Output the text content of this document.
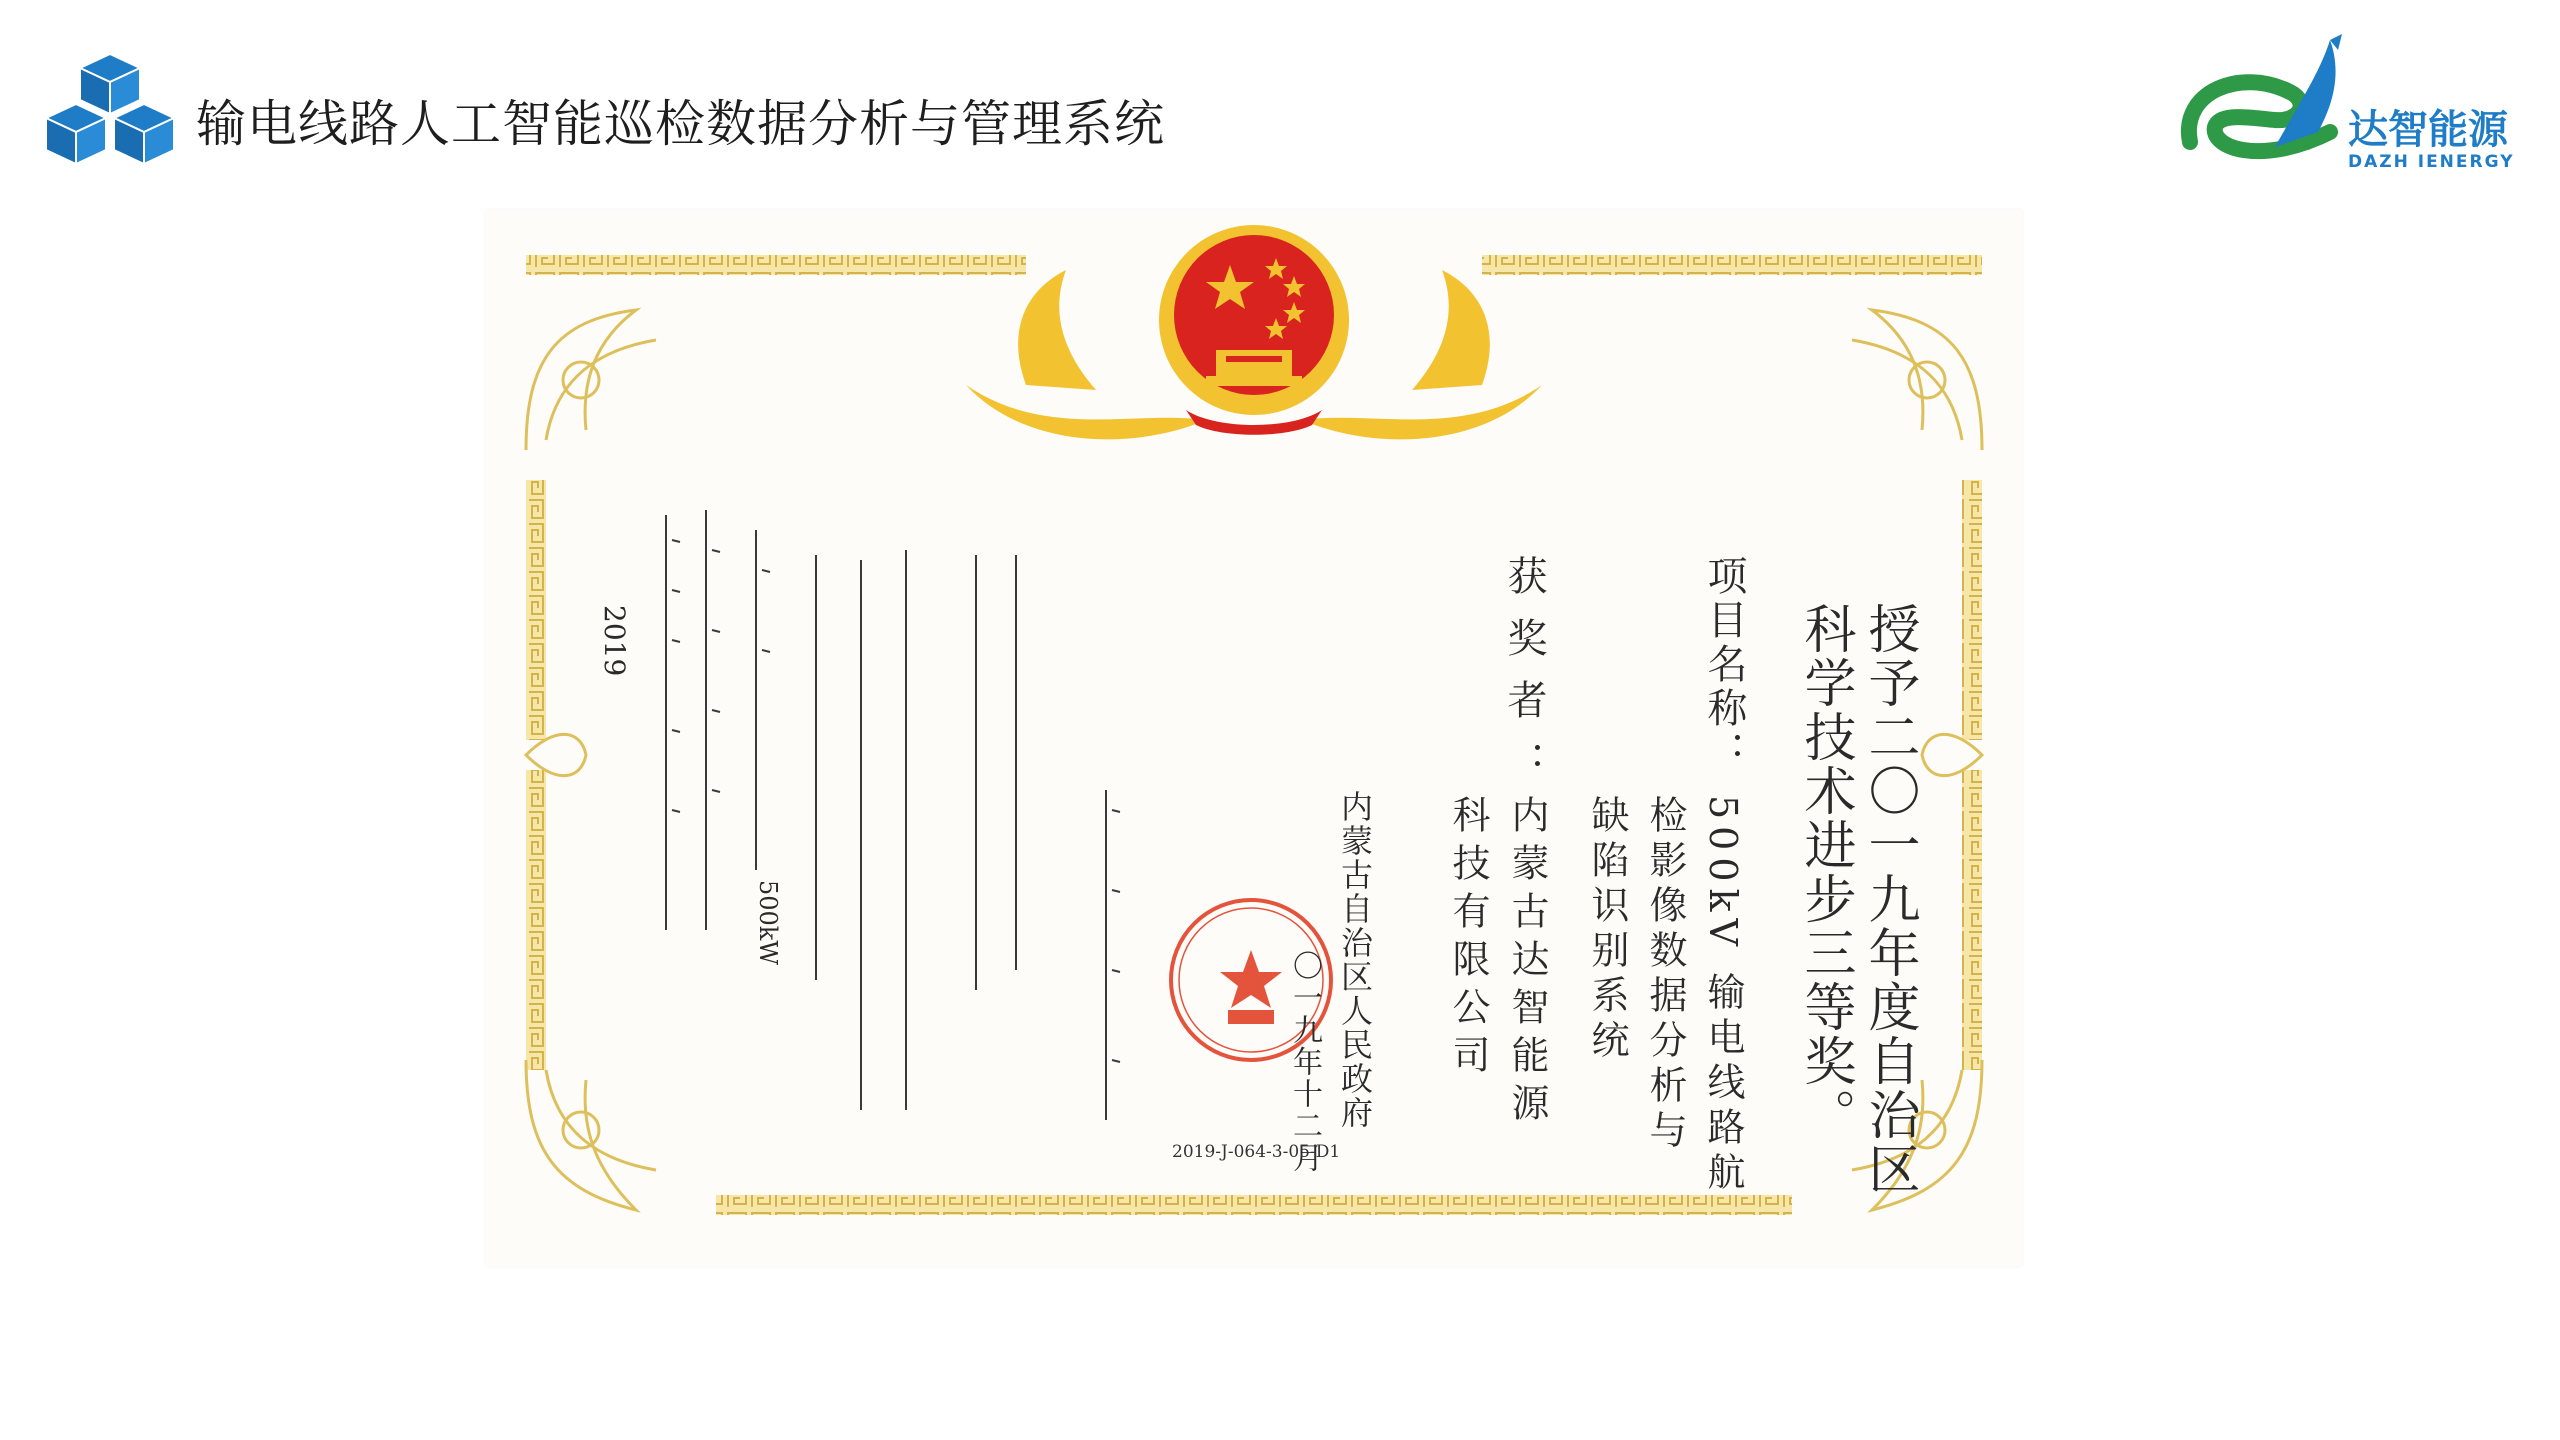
输电线路人工智能巡检数据分析与管理系统	达智能源
DAZH IENERGY
授予二〇一九年度自治区
科学技术进步三等奖。
项目名称：
500kV 输电线路航
检影像数据分析与
缺陷识别系统
获奖者：
内蒙古达智能源
科技有限公司
内蒙古自治区人民政府
〇一九年十二月
2019-J-064-3-05-D1
2019
500kW
